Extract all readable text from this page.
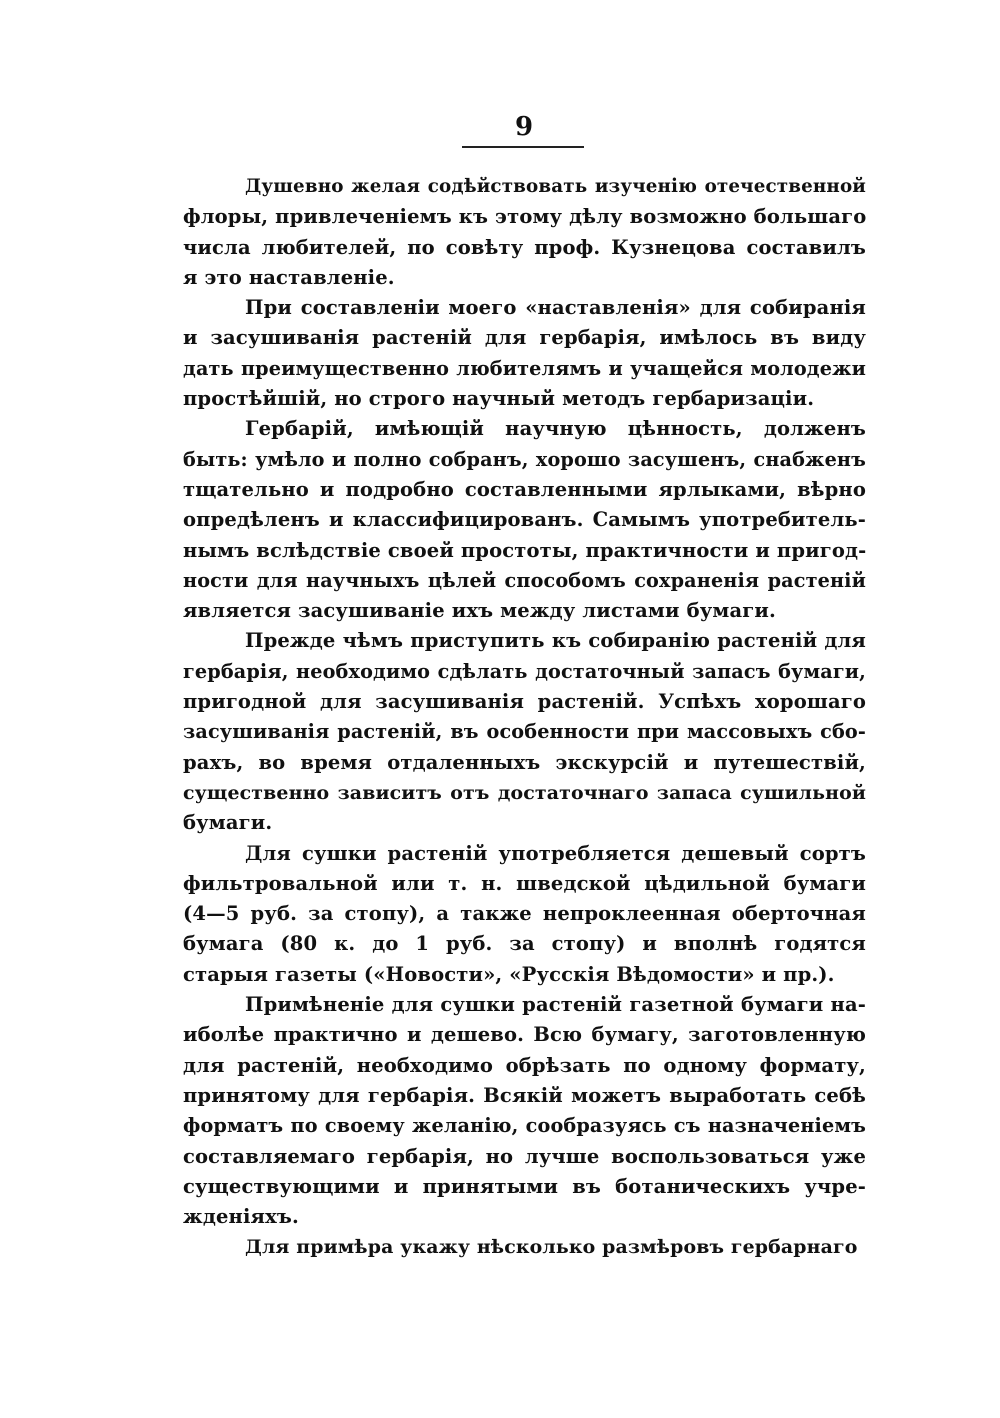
9
Душевно желая содѣйствовать изученію отечественной
флоры, привлеченіемъ къ этому дѣлу возможно большаго
числа любителей, по совѣту проф. Кузнецова составилъ
я это наставленіе.
При составленіи моего «наставленія» для собиранія
и засушиванія растеній для гербарія, имѣлось въ виду
дать преимущественно любителямъ и учащейся молодежи
простѣйшій, но строго научный методъ гербаризаціи.
Гербарій, имѣющій научную цѣнность, долженъ
быть: умѣло и полно собранъ, хорошо засушенъ, снабженъ
тщательно и подробно составленными ярлыками, вѣрно
опредѣленъ и классифицированъ. Самымъ употребитель-
нымъ вслѣдствіе своей простоты, практичности и пригод-
ности для научныхъ цѣлей способомъ сохраненія растеній
является засушиваніе ихъ между листами бумаги.
Прежде чѣмъ приступить къ собиранію растеній для
гербарія, необходимо сдѣлать достаточный запасъ бумаги,
пригодной для засушиванія растеній. Успѣхъ хорошаго
засушиванія растеній, въ особенности при массовыхъ сбо-
рахъ, во время отдаленныхъ экскурсій и путешествій,
существенно зависитъ отъ достаточнаго запаса сушильной
бумаги.
Для сушки растеній употребляется дешевый сортъ
фильтровальной или т. н. шведской цѣдильной бумаги
(4—5 руб. за стопу), а также непроклеенная оберточная
бумага (80 к. до 1 руб. за стопу) и вполнѣ годятся
старыя газеты («Новости», «Русскія Вѣдомости» и пр.).
Примѣненіе для сушки растеній газетной бумаги на-
иболѣе практично и дешево. Всю бумагу, заготовленную
для растеній, необходимо обрѣзать по одному формату,
принятому для гербарія. Всякій можетъ выработать себѣ
форматъ по своему желанію, сообразуясь съ назначеніемъ
составляемаго гербарія, но лучше воспользоваться уже
существующими и принятыми въ ботаническихъ учре-
жденіяхъ.
Для примѣра укажу нѣсколько размѣровъ гербарнаго
